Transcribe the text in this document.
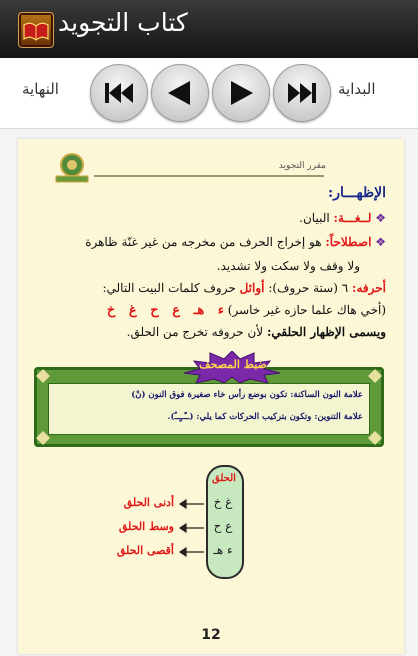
كتاب التجويد
النهاية	البداية
مقرر التجويد
الإظهـــار:
❖ لــغـــة: البيان.
❖ اصطلاحاً: هو إخراج الحرف من مخرجه من غير غنّة ظاهرة
ولا وقف ولا سكت ولا تشديد.
أحرفه: ٦ (ستة حروف): أوائل حروف كلمات البيت التالي:
(أخي هاك علما حازه غير خاسر) ء   هـ   ع   ح   غ   خ
ويسمى الإظهار الحلقي: لأن حروفه تخرج من الحلق.
علامة النون الساكنة: تكون بوضع رأس خاء صغيرة فوق النون (نْ)
علامة التنوين: وتكون بتركيب الحركات كما يلي: (ــًــٍــٌ).
ضبط المصحف
الحلق
غ خ
ع ح
ء هـ
أدنى الحلق
وسط الحلق
أقصى الحلق
12
